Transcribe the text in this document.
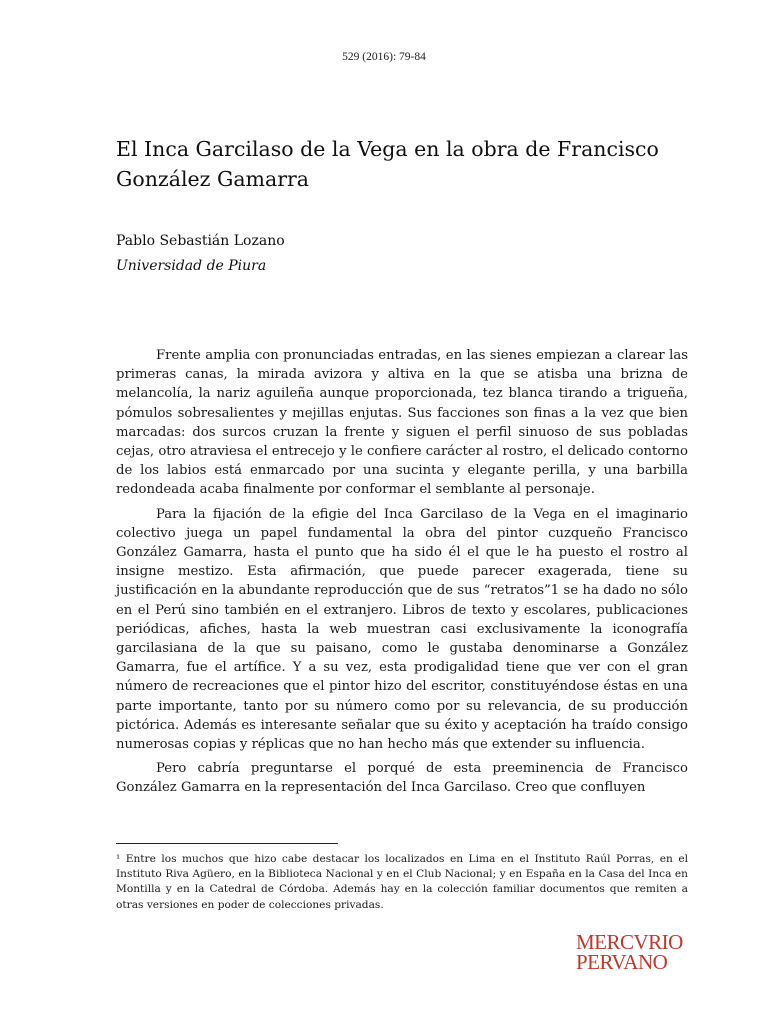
529 (2016): 79-84
El Inca Garcilaso de la Vega en la obra de Francisco González Gamarra
Pablo Sebastián Lozano
Universidad de Piura

Frente amplia con pronunciadas entradas, en las sienes empiezan a clarear las primeras canas, la mirada avizora y altiva en la que se atisba una brizna de melancolía, la nariz aguileña aunque proporcionada, tez blanca tirando a trigueña, pómulos sobresalientes y mejillas enjutas. Sus facciones son finas a la vez que bien marcadas: dos surcos cruzan la frente y siguen el perfil sinuoso de sus pobladas cejas, otro atraviesa el entrecejo y le confiere carácter al rostro, el delicado contorno de los labios está enmarcado por una sucinta y elegante perilla, y una barbilla redondeada acaba finalmente por conformar el semblante al personaje.

Para la fijación de la efigie del Inca Garcilaso de la Vega en el imaginario colectivo juega un papel fundamental la obra del pintor cuzqueño Francisco González Gamarra, hasta el punto que ha sido él el que le ha puesto el rostro al insigne mestizo. Esta afirmación, que puede parecer exagerada, tiene su justificación en la abundante reproducción que de sus “retratos”1 se ha dado no sólo en el Perú sino también en el extranjero. Libros de texto y escolares, publicaciones periódicas, afiches, hasta la web muestran casi exclusivamente la iconografía garcilasiana de la que su paisano, como le gustaba denominarse a González Gamarra, fue el artífice. Y a su vez, esta prodigalidad tiene que ver con el gran número de recreaciones que el pintor hizo del escritor, constituyéndose éstas en una parte importante, tanto por su número como por su relevancia, de su producción pictórica. Además es interesante señalar que su éxito y aceptación ha traído consigo numerosas copias y réplicas que no han hecho más que extender su influencia.

Pero cabría preguntarse el porqué de esta preeminencia de Francisco González Gamarra en la representación del Inca Garcilaso. Creo que confluyen

¹ Entre los muchos que hizo cabe destacar los localizados en Lima en el Instituto Raúl Porras, en el Instituto Riva Agüero, en la Biblioteca Nacional y en el Club Nacional; y en España en la Casa del Inca en Montilla y en la Catedral de Córdoba. Además hay en la colección familiar documentos que remiten a otras versiones en poder de colecciones privadas.
MERCVRIO
PERVANO
